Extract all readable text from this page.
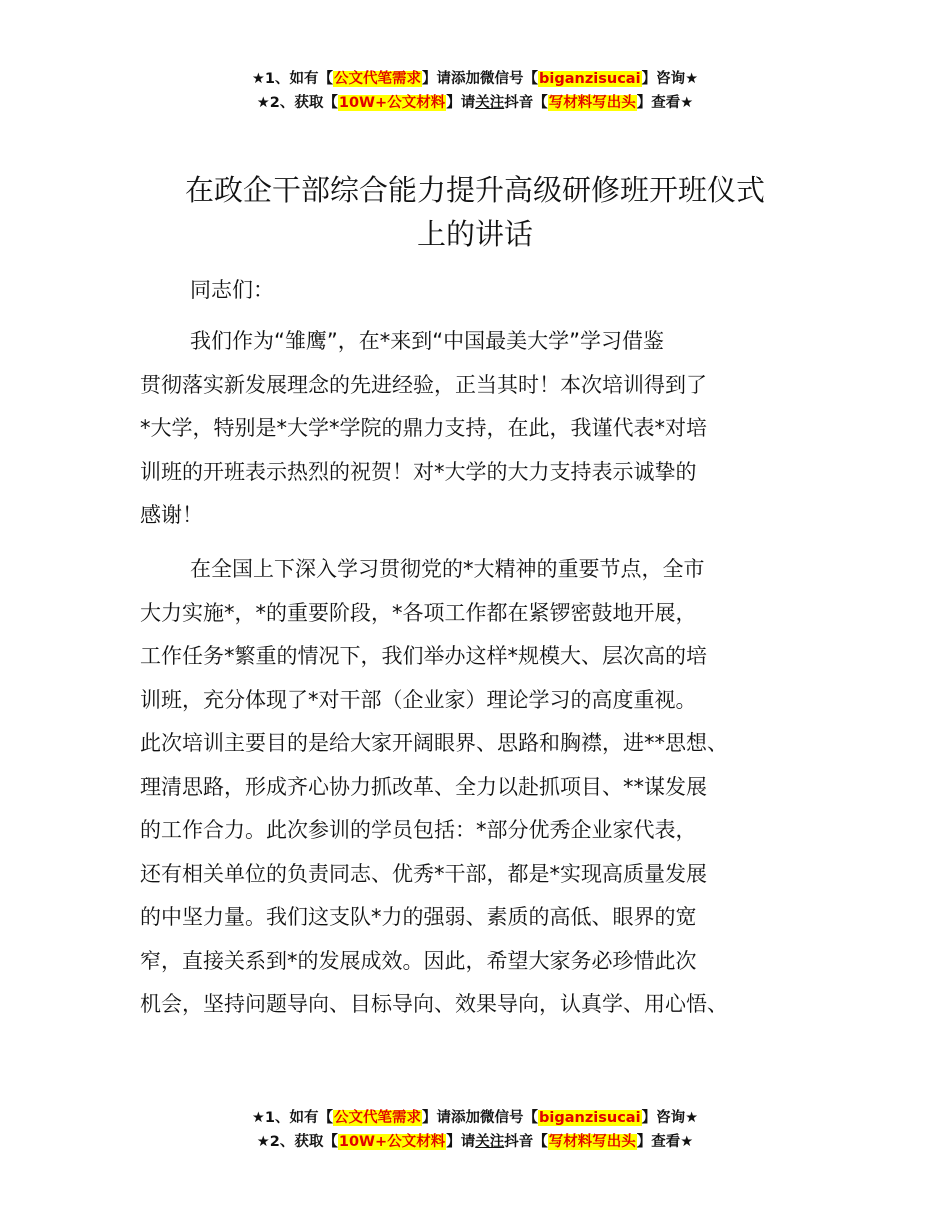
★1、如有【公文代笔需求】请添加微信号【biganzisucai】咨询★
★2、获取【10W+公文材料】请关注抖音【写材料写出头】查看★
在政企干部综合能力提升高级研修班开班仪式
上的讲话
同志们：
我们作为“雏鹰”，在*来到“中国最美大学”学习借鉴
贯彻落实新发展理念的先进经验，正当其时！本次培训得到了
*大学，特别是*大学*学院的鼎力支持，在此，我谨代表*对培
训班的开班表示热烈的祝贺！对*大学的大力支持表示诚挚的
感谢！
在全国上下深入学习贯彻党的*大精神的重要节点，全市
大力实施*，*的重要阶段，*各项工作都在紧锣密鼓地开展，
工作任务*繁重的情况下，我们举办这样*规模大、层次高的培
训班，充分体现了*对干部（企业家）理论学习的高度重视。
此次培训主要目的是给大家开阔眼界、思路和胸襟，进**思想、
理清思路，形成齐心协力抓改革、全力以赴抓项目、**谋发展
的工作合力。此次参训的学员包括：*部分优秀企业家代表，
还有相关单位的负责同志、优秀*干部，都是*实现高质量发展
的中坚力量。我们这支队*力的强弱、素质的高低、眼界的宽
窄，直接关系到*的发展成效。因此，希望大家务必珍惜此次
机会，坚持问题导向、目标导向、效果导向，认真学、用心悟、
★1、如有【公文代笔需求】请添加微信号【biganzisucai】咨询★
★2、获取【10W+公文材料】请关注抖音【写材料写出头】查看★
